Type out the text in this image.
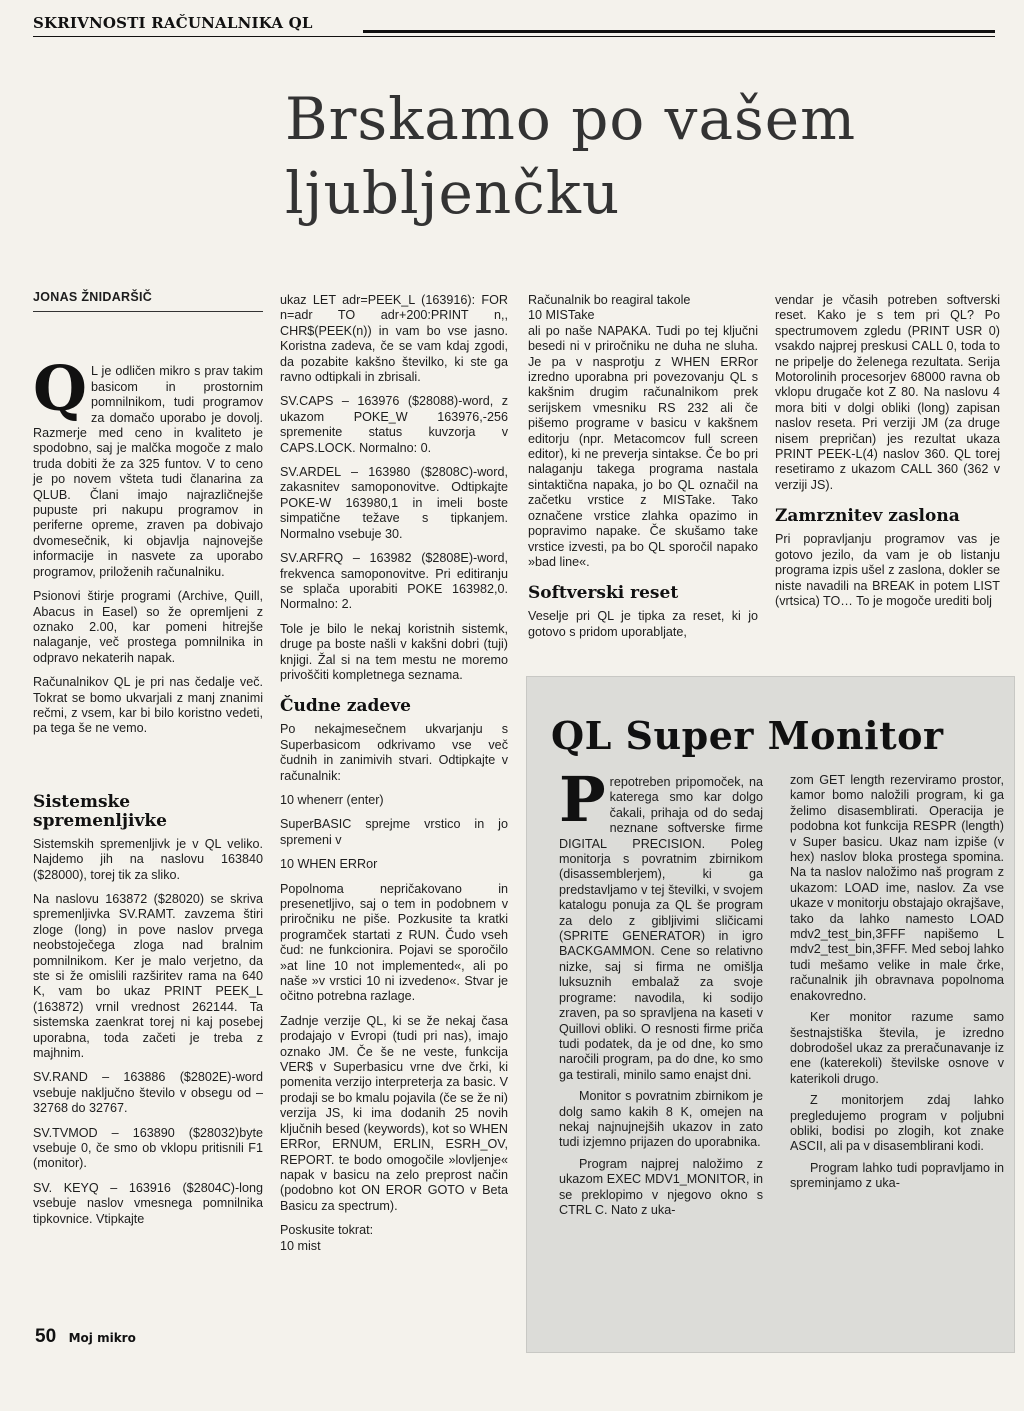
SKRIVNOSTI RAČUNALNIKA QL
Brskamo po vašem
ljubljenčku
JONAS ŽNIDARŠIČ

Q L je odličen mikro s prav takim basicom in prostornim pomnilnikom, tudi programov za domačo uporabo je dovolj. Razmerje med ceno in kvaliteto je spodobno, saj je malčka mogoče z malo truda dobiti že za 325 funtov. V to ceno je po novem všteta tudi članarina za QLUB. Člani imajo najrazličnejše pupuste pri nakupu programov in periferne opreme, zraven pa dobivajo dvomesečnik, ki objavlja najnovejše informacije in nasvete za uporabo programov, priloženih računalniku.

Psionovi štirje programi (Archive, Quill, Abacus in Easel) so že opremljeni z oznako 2.00, kar pomeni hitrejše nalaganje, več prostega pomnilnika in odpravo nekaterih napak.

Računalnikov QL je pri nas čedalje več. Tokrat se bomo ukvarjali z manj znanimi rečmi, z vsem, kar bi bilo koristno vedeti, pa tega še ne vemo.

Sistemske spremenljivke

Sistemskih spremenljivk je v QL veliko. Najdemo jih na naslovu 163840 ($28000), torej tik za sliko.

Na naslovu 163872 ($28020) se skriva spremenljivka SV.RAMT. zavzema štiri zloge (long) in pove naslov prvega neobstoječega zloga nad bralnim pomnilnikom. Ker je malo verjetno, da ste si že omislili razširitev rama na 640 K, vam bo ukaz PRINT PEEK_L (163872) vrnil vrednost 262144. Ta sistemska zaenkrat torej ni kaj posebej uporabna, toda začeti je treba z majhnim.

SV.RAND – 163886 ($2802E)-word vsebuje naključno število v obsegu od –32768 do 32767.

SV.TVMOD – 163890 ($28032)byte vsebuje 0, če smo ob vklopu pritisnili F1 (monitor).

SV. KEYQ – 163916 ($2804C)-long vsebuje naslov vmesnega pomnilnika tipkovnice. Vtipkajte

ukaz LET adr=PEEK_L (163916): FOR n=adr TO adr+200:PRINT n,, CHR$(PEEK(n)) in vam bo vse jasno. Koristna zadeva, če se vam kdaj zgodi, da pozabite kakšno številko, ki ste ga ravno odtipkali in zbrisali.

SV.CAPS – 163976 ($28088)-word, z ukazom POKE_W 163976,-256 spremenite status kuvzorja v CAPS.LOCK. Normalno: 0.

SV.ARDEL – 163980 ($2808C)-word, zakasnitev samoponovitve. Odtipkajte POKE-W 163980,1 in imeli boste simpatične težave s tipkanjem. Normalno vsebuje 30.

SV.ARFRQ – 163982 ($2808E)-word, frekvenca samoponovitve. Pri editiranju se splača uporabiti POKE 163982,0. Normalno: 2.

Tole je bilo le nekaj koristnih sistemk, druge pa boste našli v kakšni dobri (tuji) knjigi. Žal si na tem mestu ne moremo privoščiti kompletnega seznama.

Čudne zadeve

Po nekajmesečnem ukvarjanju s Superbasicom odkrivamo vse več čudnih in zanimivih stvari. Odtipkajte v računalnik:

10 whenerr (enter)

SuperBASIC sprejme vrstico in jo spremeni v

10 WHEN ERRor

Popolnoma nepričakovano in presenetljivo, saj o tem in podobnem v priročniku ne piše. Pozkusite ta kratki programček startati z RUN. Čudo vseh čud: ne funkcionira. Pojavi se sporočilo »at line 10 not implemented«, ali po naše »v vrstici 10 ni izvedeno«. Stvar je očitno potrebna razlage.

Zadnje verzije QL, ki se že nekaj časa prodajajo v Evropi (tudi pri nas), imajo oznako JM. Če še ne veste, funkcija VER$ v Superbasicu vrne dve črki, ki pomenita verzijo interpreterja za basic. V prodaji se bo kmalu pojavila (če se že ni) verzija JS, ki ima dodanih 25 novih ključnih besed (keywords), kot so WHEN ERRor, ERNUM, ERLIN, ESRH_OV, REPORT. te bodo omogočile »lovljenje« napak v basicu na zelo preprost način (podobno kot ON EROR GOTO v Beta Basicu za spectrum).

Poskusite tokrat:

10 mist

Računalnik bo reagiral takole

10 MISTake

ali po naše NAPAKA. Tudi po tej ključni besedi ni v priročniku ne duha ne sluha. Je pa v nasprotju z WHEN ERRor izredno uporabna pri povezovanju QL s kakšnim drugim računalnikom prek serijskem vmesniku RS 232 ali če pišemo programe v basicu v kakšnem editorju (npr. Metacomcov full screen editor), ki ne preverja sintakse. Če bo pri nalaganju takega programa nastala sintaktična napaka, jo bo QL označil na začetku vrstice z MISTake. Tako označene vrstice zlahka opazimo in popravimo napake. Če skušamo take vrstice izvesti, pa bo QL sporočil napako »bad line«.

Softverski reset

Veselje pri QL je tipka za reset, ki jo gotovo s pridom uporabljate,

vendar je včasih potreben softverski reset. Kako je s tem pri QL? Po spectrumovem zgledu (PRINT USR 0) vsakdo najprej preskusi CALL 0, toda to ne pripelje do želenega rezultata. Serija Motorolinih procesorjev 68000 ravna ob vklopu drugače kot Z 80. Na naslovu 4 mora biti v dolgi obliki (long) zapisan naslov reseta. Pri verziji JM (za druge nisem prepričan) jes rezultat ukaza PRINT PEEK-L(4) naslov 360. QL torej resetiramo z ukazom CALL 360 (362 v verziji JS).

Zamrznitev zaslona

Pri popravljanju programov vas je gotovo jezilo, da vam je ob listanju programa izpis ušel z zaslona, dokler se niste navadili na BREAK in potem LIST (vrtsica) TO… To je mogoče urediti bolj

QL Super Monitor

Prepotreben pripomoček, na katerega smo kar dolgo čakali, prihaja od do sedaj neznane softverske firme DIGITAL PRECISION. Poleg monitorja s povratnim zbirnikom (disassemblerjem), ki ga predstavljamo v tej številki, v svojem katalogu ponuja za QL še program za delo z gibljivimi sličicami (SPRITE GENERATOR) in igro BACKGAMMON. Cene so relativno nizke, saj si firma ne omišlja luksuznih embalaž za svoje programe: navodila, ki sodijo zraven, pa so spravljena na kaseti v Quillovi obliki. O resnosti firme priča tudi podatek, da je od dne, ko smo naročili program, pa do dne, ko smo ga testirali, minilo samo enajst dni.

Monitor s povratnim zbirnikom je dolg samo kakih 8 K, omejen na nekaj najnujnejših ukazov in zato tudi izjemno prijazen do uporabnika.

Program najprej naložimo z ukazom EXEC MDV1_MONITOR, in se preklopimo v njegovo okno s CTRL C. Nato z uka-

zom GET length rezerviramo prostor, kamor bomo naložili program, ki ga želimo disasemblirati. Operacija je podobna kot funkcija RESPR (length) v Super basicu. Ukaz nam izpiše (v hex) naslov bloka prostega spomina. Na ta naslov naložimo naš program z ukazom: LOAD ime, naslov. Za vse ukaze v monitorju obstajajo okrajšave, tako da lahko namesto LOAD mdv2_test_bin,3FFF napišemo L mdv2_test_bin,3FFF. Med seboj lahko tudi mešamo velike in male črke, računalnik jih obravnava popolnoma enakovredno.

Ker monitor razume samo šestnajstiška števila, je izredno dobrodošel ukaz za preračunavanje iz ene (katerekoli) številske osnove v katerikoli drugo.

Z monitorjem zdaj lahko pregledujemo program v poljubni obliki, bodisi po zlogih, kot znake ASCII, ali pa v disasemblirani kodi.

Program lahko tudi popravljamo in spreminjamo z uka-

50 Moj mikro
